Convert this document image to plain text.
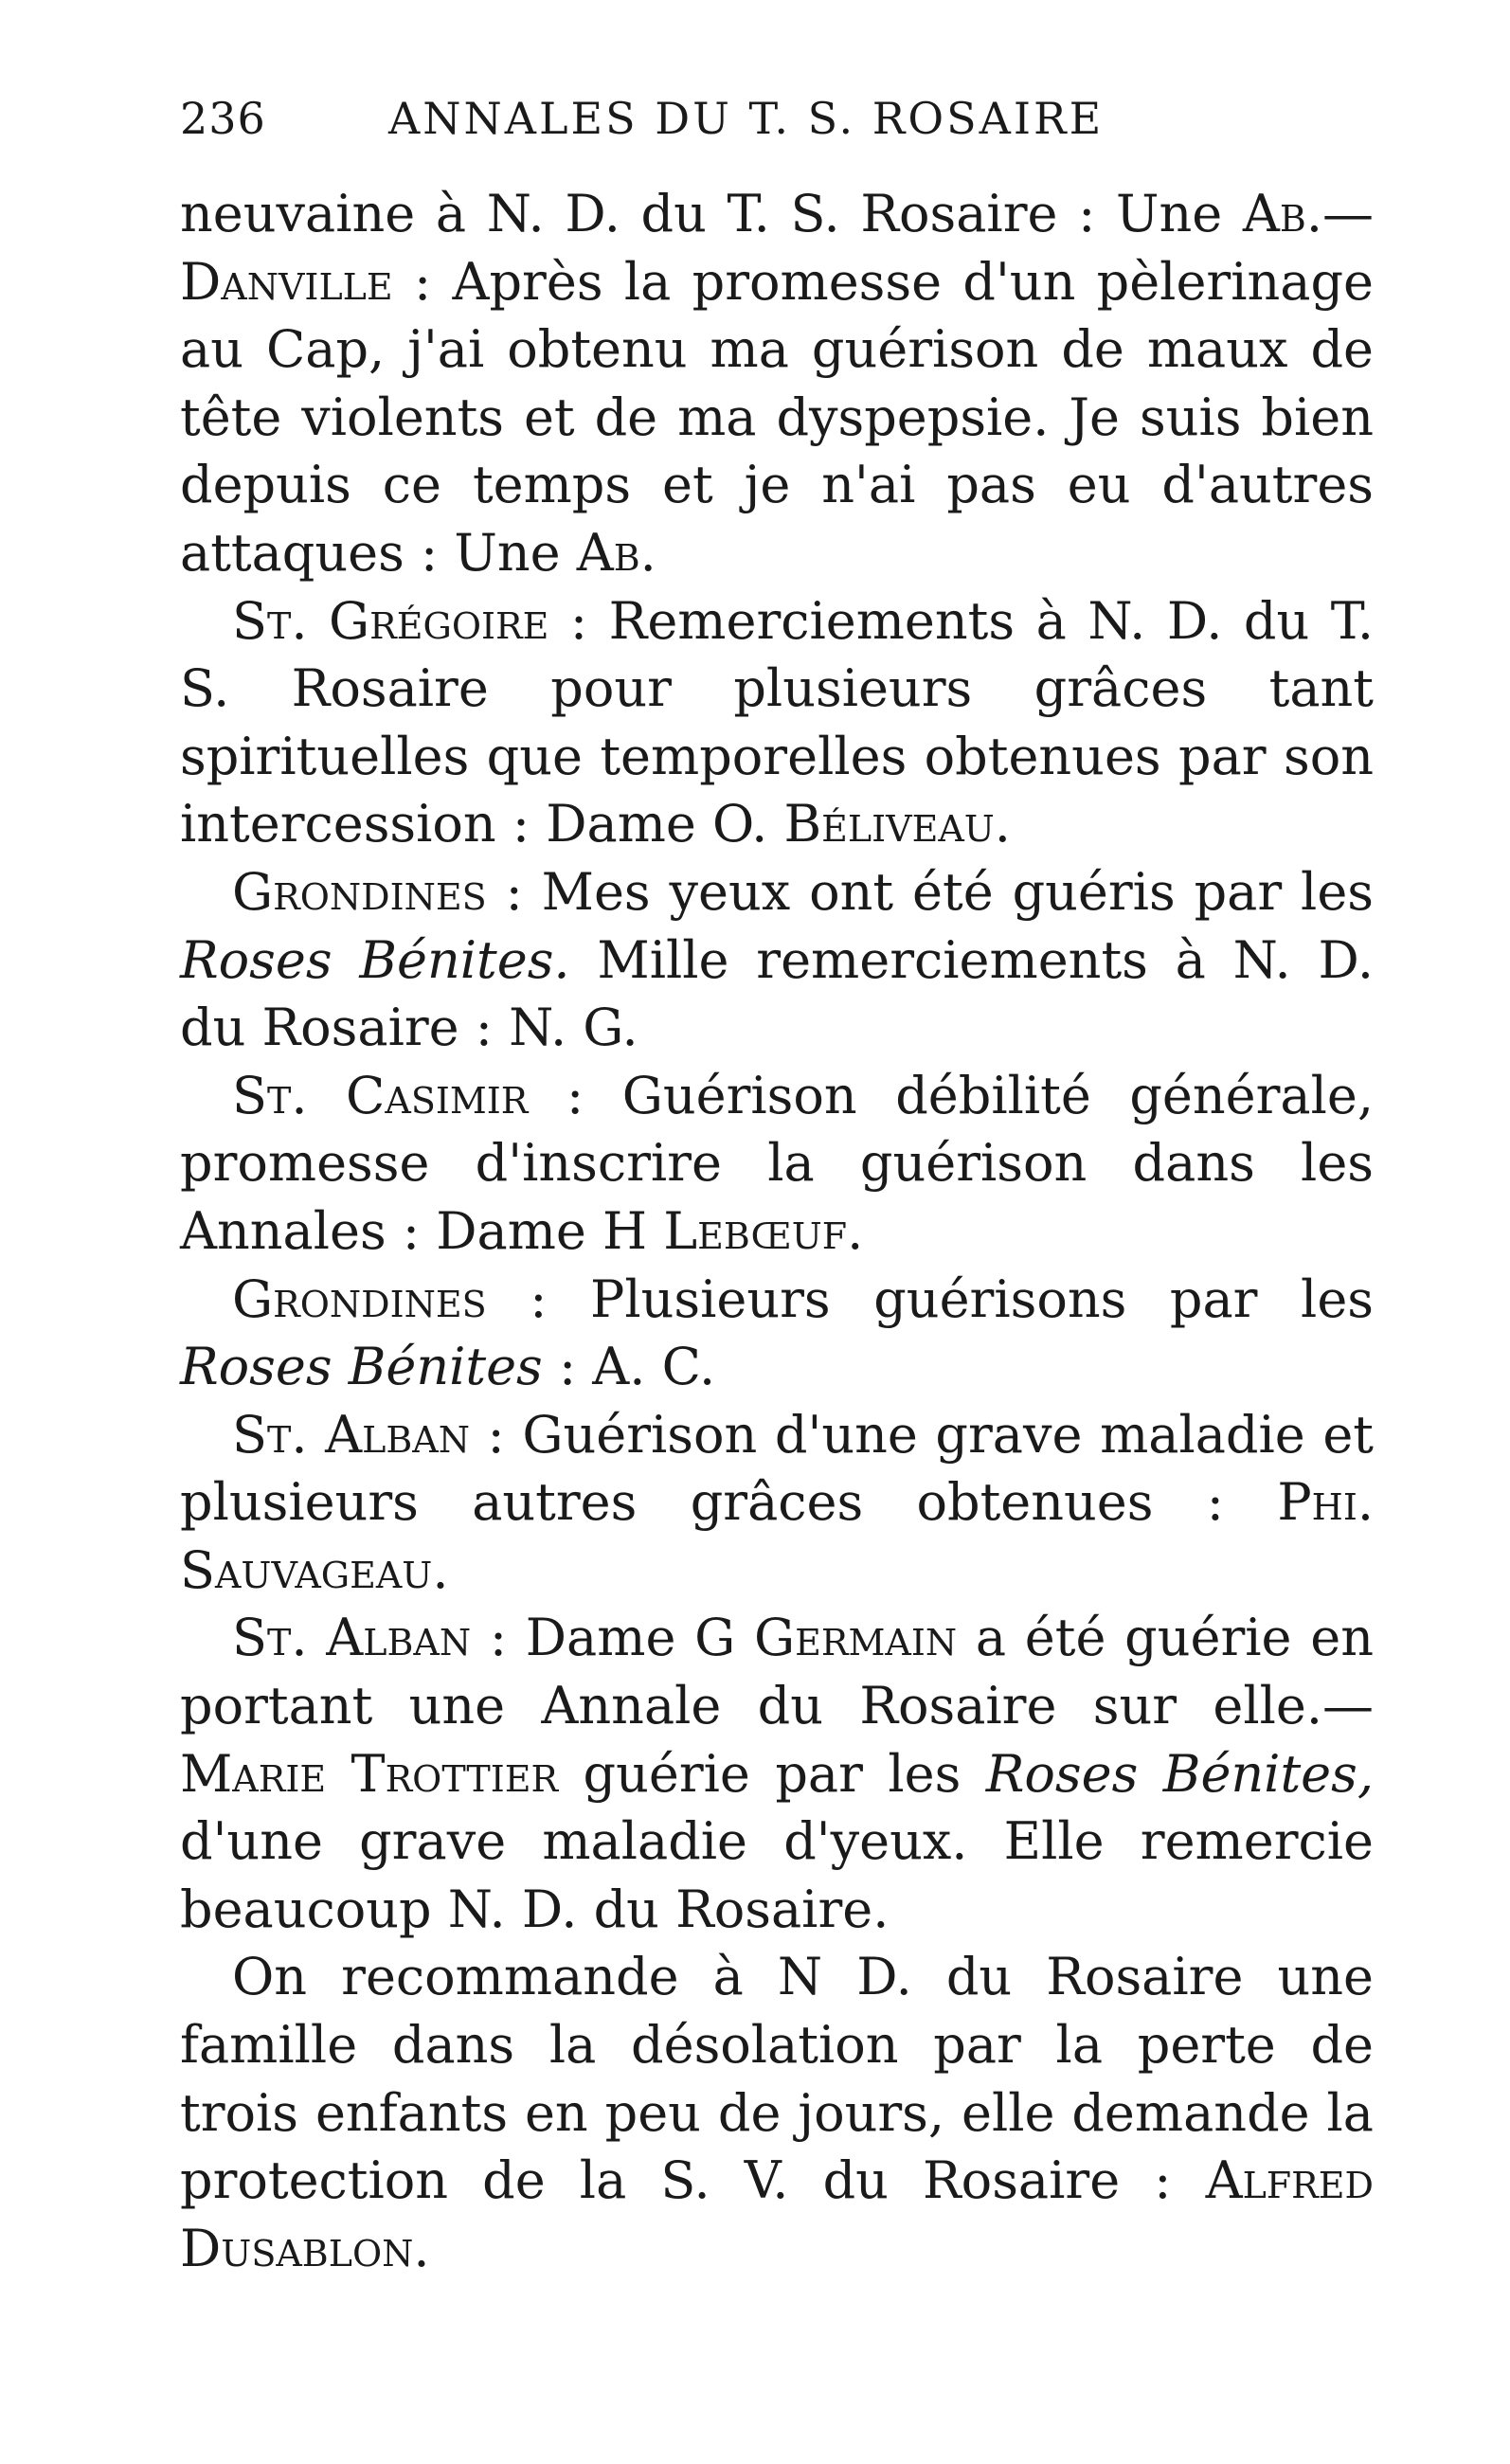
236	ANNALES DU T. S. ROSAIRE

neuvaine à N. D. du T. S. Rosaire : Une Ab.— Danville : Après la promesse d'un pèlerinage au Cap, j'ai obtenu ma guérison de maux de tête violents et de ma dyspepsie. Je suis bien depuis ce temps et je n'ai pas eu d'autres attaques : Une Ab.

St. Grégoire : Remerciements à N. D. du T. S. Rosaire pour plusieurs grâces tant spirituelles que temporelles obtenues par son intercession : Dame O. Béliveau.

Grondines : Mes yeux ont été guéris par les Roses Bénites. Mille remerciements à N. D. du Rosaire : N. G.

St. Casimir : Guérison débilité générale, promesse d'inscrire la guérison dans les Annales : Dame H Lebœuf.

Grondines : Plusieurs guérisons par les Roses Bénites : A. C.

St. Alban : Guérison d'une grave maladie et plusieurs autres grâces obtenues : Phi. Sauvageau.

St. Alban : Dame G Germain a été guérie en portant une Annale du Rosaire sur elle.— Marie Trottier guérie par les Roses Bénites, d'une grave maladie d'yeux. Elle remercie beaucoup N. D. du Rosaire.

On recommande à N D. du Rosaire une famille dans la désolation par la perte de trois enfants en peu de jours, elle demande la protection de la S. V. du Rosaire : Alfred Dusablon.
